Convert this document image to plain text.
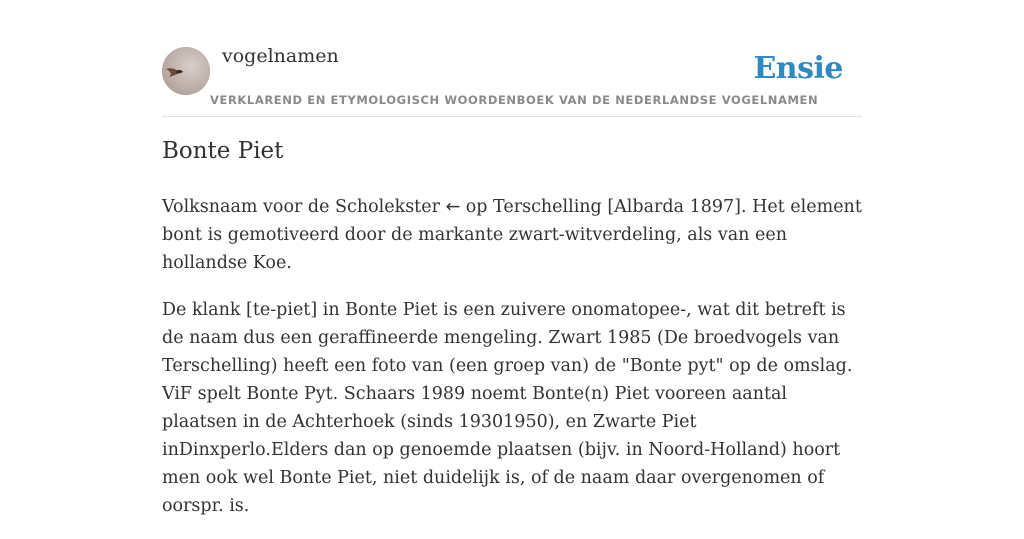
vogelnamen
VERKLAREND EN ETYMOLOGISCH WOORDENBOEK VAN DE NEDERLANDSE VOGELNAMEN
Ensie
Bonte Piet

Volksnaam voor de Scholekster ← op Terschelling [Albarda 1897]. Het element bont is gemotiveerd door de markante zwart-witverdeling, als van een hollandse Koe.

De klank [te-piet] in Bonte Piet is een zuivere onomatopee-, wat dit betreft is de naam dus een geraffineerde mengeling. Zwart 1985 (De broedvogels van Terschelling) heeft een foto van (een groep van) de "Bonte pyt" op de omslag. ViF spelt Bonte Pyt. Schaars 1989 noemt Bonte(n) Piet vooreen aantal plaatsen in de Achterhoek (sinds 19301950), en Zwarte Piet inDinxperlo.Elders dan op genoemde plaatsen (bijv. in Noord-Holland) hoort men ook wel Bonte Piet, niet duidelijk is, of de naam daar overgenomen of oorspr. is.
